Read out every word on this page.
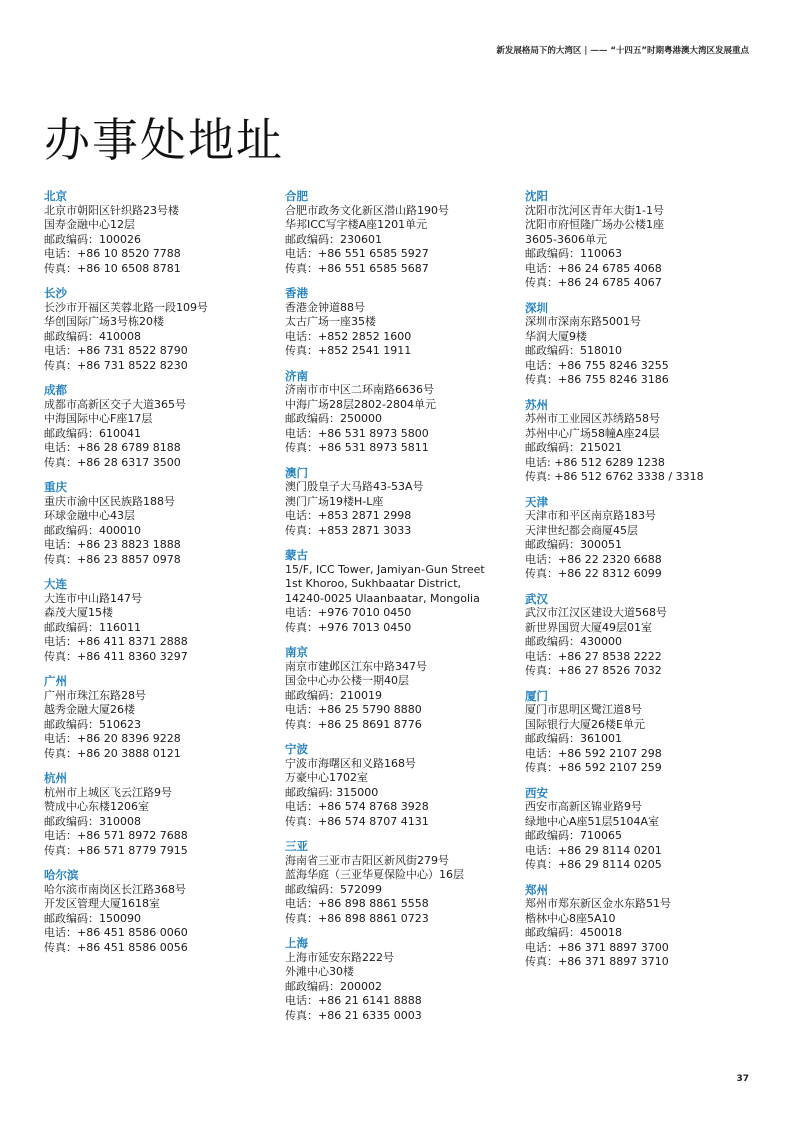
新发展格局下的大湾区 | —— “十四五”时期粤港澳大湾区发展重点
办事处地址
北京
北京市朝阳区针织路23号楼
国寿金融中心12层
邮政编码：100026
电话：+86 10 8520 7788
传真：+86 10 6508 8781
长沙
长沙市开福区芙蓉北路一段109号
华创国际广场3号栋20楼
邮政编码：410008
电话：+86 731 8522 8790
传真：+86 731 8522 8230
成都
成都市高新区交子大道365号
中海国际中心F座17层
邮政编码：610041
电话：+86 28 6789 8188
传真：+86 28 6317 3500
重庆
重庆市渝中区民族路188号
环球金融中心43层
邮政编码：400010
电话：+86 23 8823 1888
传真：+86 23 8857 0978
大连
大连市中山路147号
森茂大厦15楼
邮政编码：116011
电话：+86 411 8371 2888
传真：+86 411 8360 3297
广州
广州市珠江东路28号
越秀金融大厦26楼
邮政编码：510623
电话：+86 20 8396 9228
传真：+86 20 3888 0121
杭州
杭州市上城区飞云江路9号
赞成中心东楼1206室
邮政编码：310008
电话：+86 571 8972 7688
传真：+86 571 8779 7915
哈尔滨
哈尔滨市南岗区长江路368号
开发区管理大厦1618室
邮政编码：150090
电话：+86 451 8586 0060
传真：+86 451 8586 0056
合肥
合肥市政务文化新区潜山路190号
华邦ICC写字楼A座1201单元
邮政编码：230601
电话：+86 551 6585 5927
传真：+86 551 6585 5687
香港
香港金钟道88号
太古广场一座35楼
电话：+852 2852 1600
传真：+852 2541 1911
济南
济南市市中区二环南路6636号
中海广场28层2802-2804单元
邮政编码：250000
电话：+86 531 8973 5800
传真：+86 531 8973 5811
澳门
澳门殷皇子大马路43-53A号
澳门广场19楼H-L座
电话：+853 2871 2998
传真：+853 2871 3033
蒙古
15/F, ICC Tower, Jamiyan-Gun Street
1st Khoroo, Sukhbaatar District,
14240-0025 Ulaanbaatar, Mongolia
电话：+976 7010 0450
传真：+976 7013 0450
南京
南京市建邺区江东中路347号
国金中心办公楼一期40层
邮政编码：210019
电话：+86 25 5790 8880
传真：+86 25 8691 8776
宁波
宁波市海曙区和义路168号
万豪中心1702室
邮政编码: 315000
电话：+86 574 8768 3928
传真：+86 574 8707 4131
三亚
海南省三亚市吉阳区新风街279号
蓝海华庭（三亚华夏保险中心）16层
邮政编码：572099
电话：+86 898 8861 5558
传真：+86 898 8861 0723
上海
上海市延安东路222号
外滩中心30楼
邮政编码：200002
电话：+86 21 6141 8888
传真：+86 21 6335 0003
沈阳
沈阳市沈河区青年大街1-1号
沈阳市府恒隆广场办公楼1座
3605-3606单元
邮政编码：110063
电话：+86 24 6785 4068
传真：+86 24 6785 4067
深圳
深圳市深南东路5001号
华润大厦9楼
邮政编码：518010
电话：+86 755 8246 3255
传真：+86 755 8246 3186
苏州
苏州市工业园区苏绣路58号
苏州中心广场58幢A座24层
邮政编码：215021
电话: +86 512 6289 1238
传真: +86 512 6762 3338 / 3318
天津
天津市和平区南京路183号
天津世纪都会商厦45层
邮政编码：300051
电话：+86 22 2320 6688
传真：+86 22 8312 6099
武汉
武汉市江汉区建设大道568号
新世界国贸大厦49层01室
邮政编码：430000
电话：+86 27 8538 2222
传真：+86 27 8526 7032
厦门
厦门市思明区鹭江道8号
国际银行大厦26楼E单元
邮政编码：361001
电话：+86 592 2107 298
传真：+86 592 2107 259
西安
西安市高新区锦业路9号
绿地中心A座51层5104A室
邮政编码：710065
电话：+86 29 8114 0201
传真：+86 29 8114 0205
郑州
郑州市郑东新区金水东路51号
楷林中心8座5A10
邮政编码：450018
电话：+86 371 8897 3700
传真：+86 371 8897 3710
37
